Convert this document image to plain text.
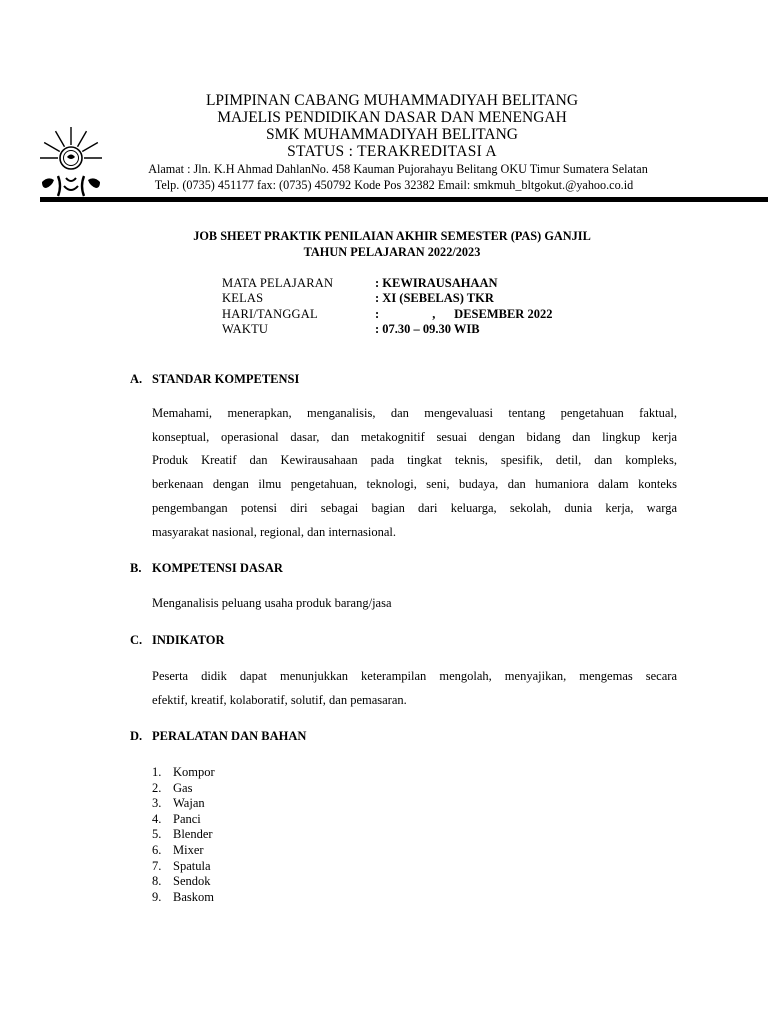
LPIMPINAN CABANG MUHAMMADIYAH BELITANG
MAJELIS PENDIDIKAN DASAR DAN MENENGAH
SMK MUHAMMADIYAH BELITANG
STATUS : TERAKREDITASI A
Alamat : Jln. K.H Ahmad DahlanNo. 458 Kauman Pujorahayu Belitang OKU Timur Sumatera Selatan
Telp. (0735) 451177 fax: (0735) 450792 Kode Pos 32382 Email: smkmuh_bltgokut.@yahoo.co.id
JOB SHEET PRAKTIK PENILAIAN AKHIR SEMESTER (PAS) GANJIL
TAHUN PELAJARAN 2022/2023
MATA PELAJARAN	: KEWIRAUSAHAAN
KELAS	: XI (SEBELAS) TKR
HARI/TANGGAL	:                 ,      DESEMBER 2022
WAKTU	: 07.30 – 09.30 WIB
A. STANDAR KOMPETENSI
Memahami, menerapkan, menganalisis, dan mengevaluasi tentang pengetahuan faktual,
konseptual, operasional dasar, dan metakognitif sesuai dengan bidang dan lingkup kerja
Produk Kreatif dan Kewirausahaan pada tingkat teknis, spesifik, detil, dan kompleks,
berkenaan dengan ilmu pengetahuan, teknologi, seni, budaya, dan humaniora dalam konteks
pengembangan potensi diri sebagai bagian dari keluarga, sekolah, dunia kerja, warga
masyarakat nasional, regional, dan internasional.
B. KOMPETENSI DASAR
Menganalisis peluang usaha produk barang/jasa
C. INDIKATOR
Peserta didik dapat menunjukkan keterampilan mengolah, menyajikan, mengemas secara
efektif, kreatif, kolaboratif, solutif, dan pemasaran.
D. PERALATAN DAN BAHAN
1. Kompor
2. Gas
3. Wajan
4. Panci
5. Blender
6. Mixer
7. Spatula
8. Sendok
9. Baskom
